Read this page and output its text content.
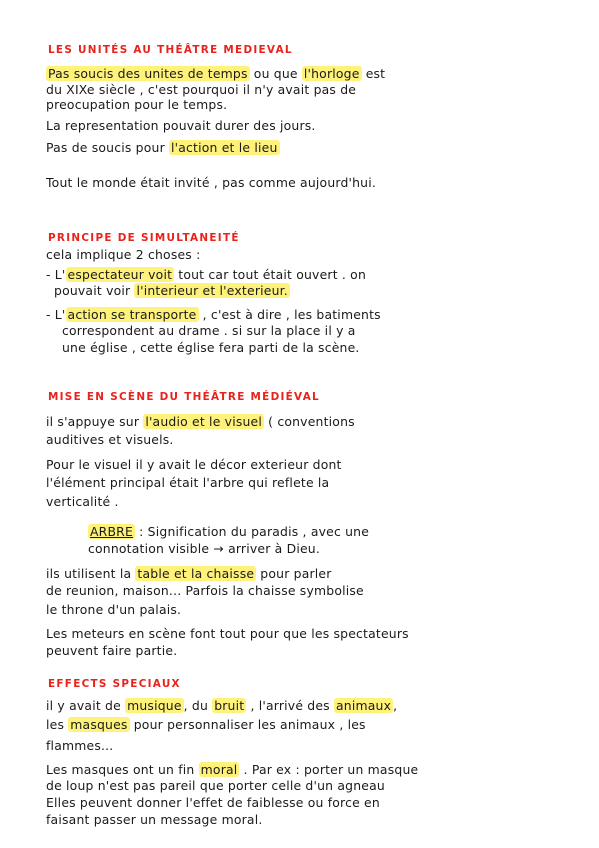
LES UNITÉS AU THÉÂTRE MEDIEVAL
Pas soucis des unites de temps ou que l'horloge est
du XIXe siècle , c'est pourquoi il n'y avait pas de
preocupation pour le temps.
La representation pouvait durer des jours.
Pas de soucis pour l'action et le lieu
Tout le monde était invité , pas comme aujourd'hui.
PRINCIPE DE SIMULTANEITÉ
cela implique 2 choses :
- L' espectateur voit tout car tout était ouvert . on
pouvait voir l'interieur et l'exterieur.
- L' action se transporte , c'est à dire , les batiments
correspondent au drame . si sur la place il y a
une église , cette église fera parti de la scène.
MISE EN SCÈNE DU THÉÂTRE MÉDIÉVAL
il s'appuye sur l'audio et le visuel ( conventions
auditives et visuels.
Pour le visuel il y avait le décor exterieur dont
l'élément principal était l'arbre qui reflete la
verticalité .
ARBRE : Signification du paradis , avec une
connotation visible → arriver à Dieu.
ils utilisent la table et la chaisse pour parler
de reunion, maison... Parfois la chaisse symbolise
le throne d'un palais.
Les meteurs en scène font tout pour que les spectateurs
peuvent faire partie.
EFFECTS SPECIAUX
il y avait de musique , du bruit , l'arrivé des animaux ,
les masques pour personnaliser les animaux , les
flammes...
Les masques ont un fin moral . Par ex : porter un masque
de loup n'est pas pareil que porter celle d'un agneau
Elles peuvent donner l'effet de faiblesse ou force en
faisant passer un message moral.
